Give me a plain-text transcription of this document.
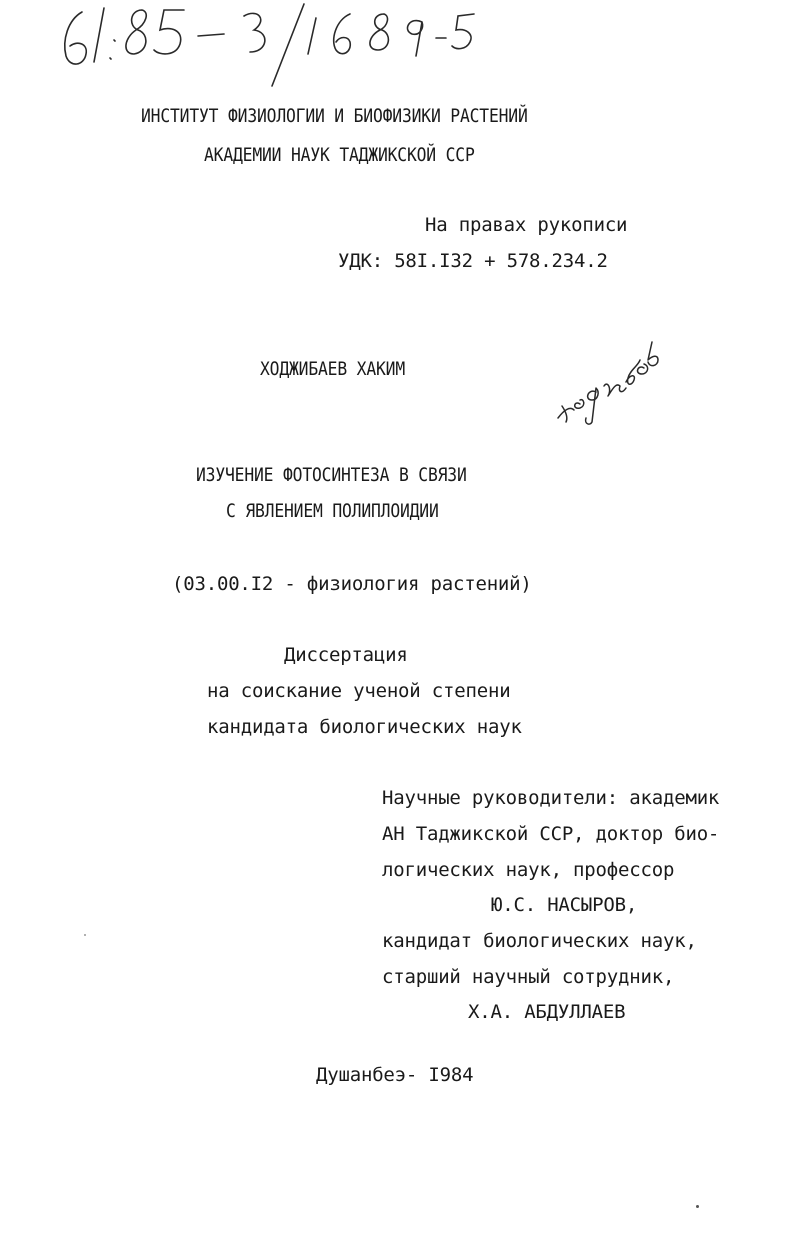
ИНСТИТУТ ФИЗИОЛОГИИ И БИОФИЗИКИ РАСТЕНИЙ
АКАДЕМИИ НАУК ТАДЖИКСКОЙ ССР
На правах рукописи
УДК: 58I.I32 + 578.234.2
ХОДЖИБАЕВ ХАКИМ
ИЗУЧЕНИЕ ФОТОСИНТЕЗА В СВЯЗИ
С ЯВЛЕНИЕМ ПОЛИПЛОИДИИ
(03.00.I2 - физиология растений)
Диссертация
на соискание ученой степени
кандидата биологических наук
Научные руководители: академик
АН Таджикской ССР, доктор био-
логических наук, профессор
Ю.С. НАСЫРОВ,
кандидат биологических наук,
старший научный сотрудник,
Х.А. АБДУЛЛАЕВ
Душанбеэ- I984
